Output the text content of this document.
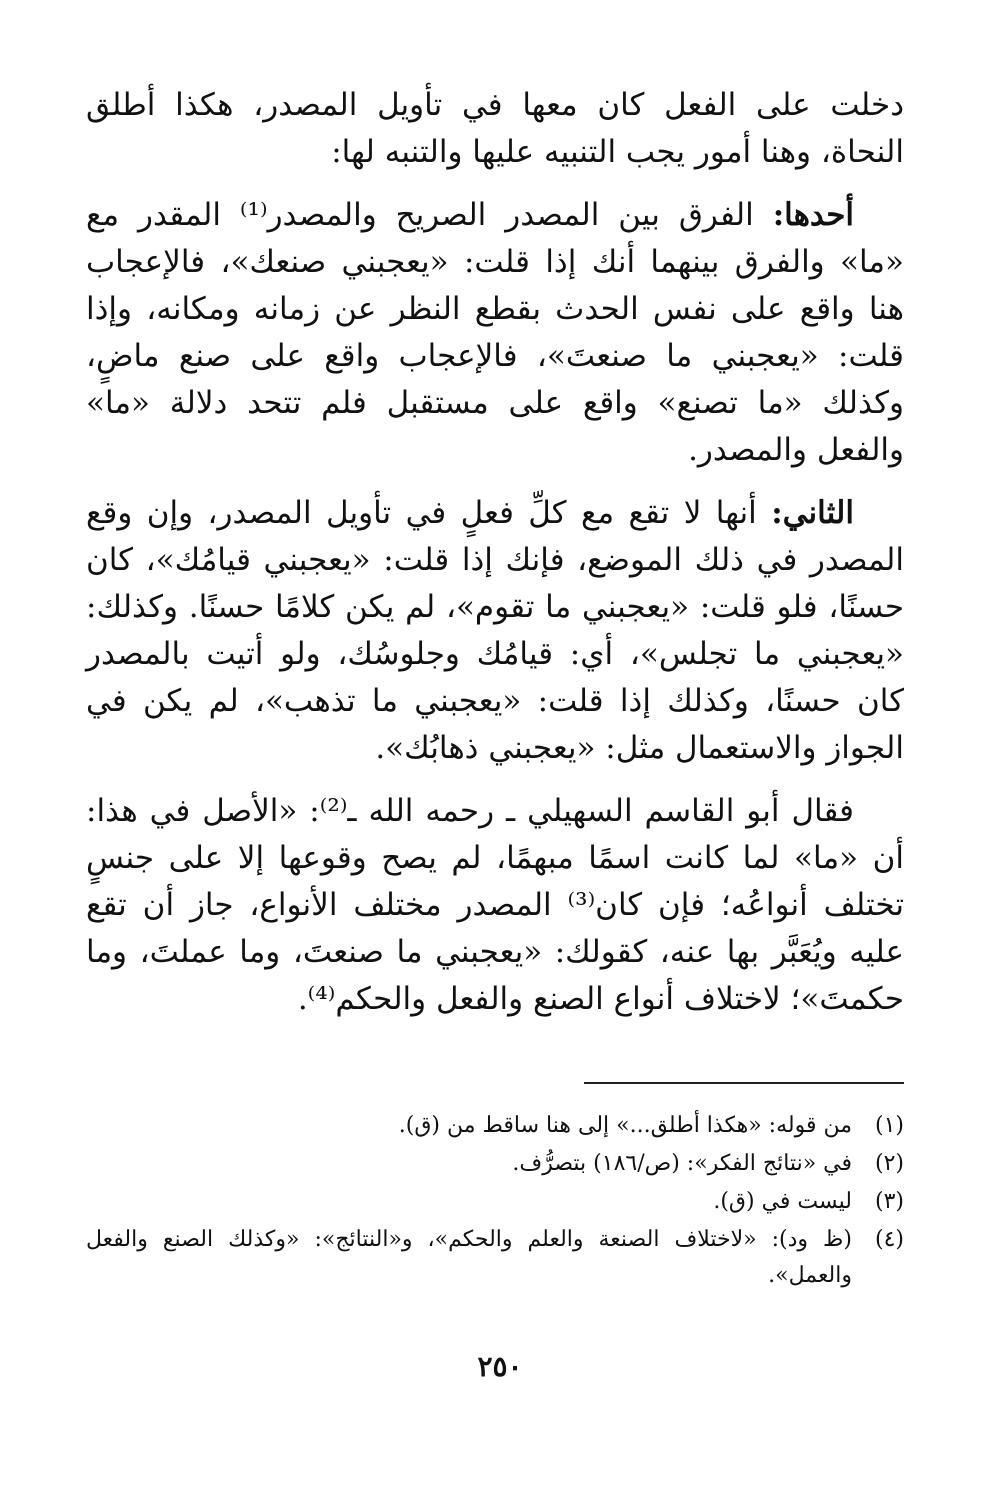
دخلت على الفعل كان معها في تأويل المصدر، هكذا أطلق النحاة، وهنا أمور يجب التنبيه عليها والتنبه لها:

أحدها: الفرق بين المصدر الصريح والمصدر⁽¹⁾ المقدر مع «ما» والفرق بينهما أنك إذا قلت: «يعجبني صنعك»، فالإعجاب هنا واقع على نفس الحدث بقطع النظر عن زمانه ومكانه، وإذا قلت: «يعجبني ما صنعتَ»، فالإعجاب واقع على صنع ماضٍ، وكذلك «ما تصنع» واقع على مستقبل فلم تتحد دلالة «ما» والفعل والمصدر.

الثاني: أنها لا تقع مع كلِّ فعلٍ في تأويل المصدر، وإن وقع المصدر في ذلك الموضع، فإنك إذا قلت: «يعجبني قيامُك»، كان حسنًا، فلو قلت: «يعجبني ما تقوم»، لم يكن كلامًا حسنًا. وكذلك: «يعجبني ما تجلس»، أي: قيامُك وجلوسُك، ولو أتيت بالمصدر كان حسنًا، وكذلك إذا قلت: «يعجبني ما تذهب»، لم يكن في الجواز والاستعمال مثل: «يعجبني ذهابُك».

فقال أبو القاسم السهيلي ـ رحمه الله ـ⁽²⁾: «الأصل في هذا: أن «ما» لما كانت اسمًا مبهمًا، لم يصح وقوعها إلا على جنسٍ تختلف أنواعُه؛ فإن كان⁽³⁾ المصدر مختلف الأنواع، جاز أن تقع عليه ويُعَبَّر بها عنه، كقولك: «يعجبني ما صنعتَ، وما عملتَ، وما حكمتَ»؛ لاختلاف أنواع الصنع والفعل والحكم⁽⁴⁾.

(١)من قوله: «هكذا أطلق...» إلى هنا ساقط من (ق).

(٢)في «نتائج الفكر»: (ص/١٨٦) بتصرُّف.

(٣)ليست في (ق).

(٤)(ظ ود): «لاختلاف الصنعة والعلم والحكم»، و«النتائج»: «وكذلك الصنع والفعل والعمل».

٢٥٠
